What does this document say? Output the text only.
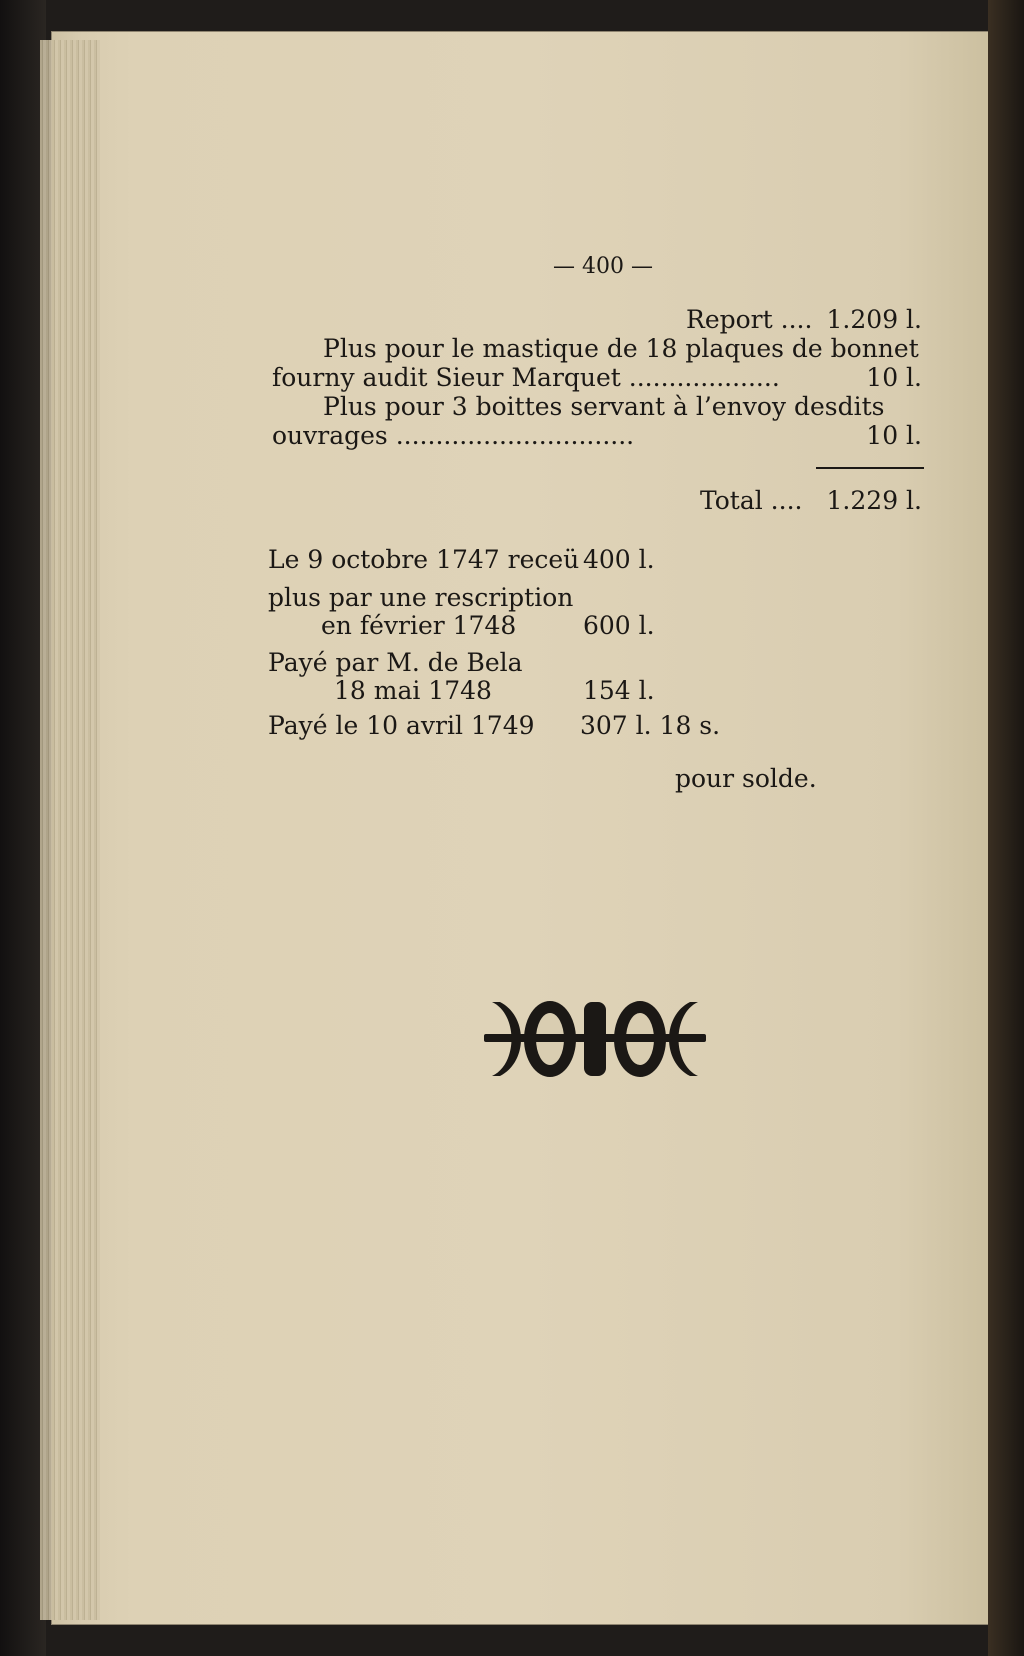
— 400 —
Report .... 1.209 l.
Plus pour le mastique de 18 plaques de bonnet
fourny audit Sieur Marquet ...................	10 l.
Plus pour 3 boittes servant à l’envoy desdits
ouvrages ..............................	10 l.
Total .... 1.229 l.
Le 9 octobre 1747 receü 400 l.
plus par une rescription
en février 1748	600 l.
Payé par M. de Bela
18 mai 1748	154 l.
Payé le 10 avril 1749 307 l. 18 s.
pour solde.
